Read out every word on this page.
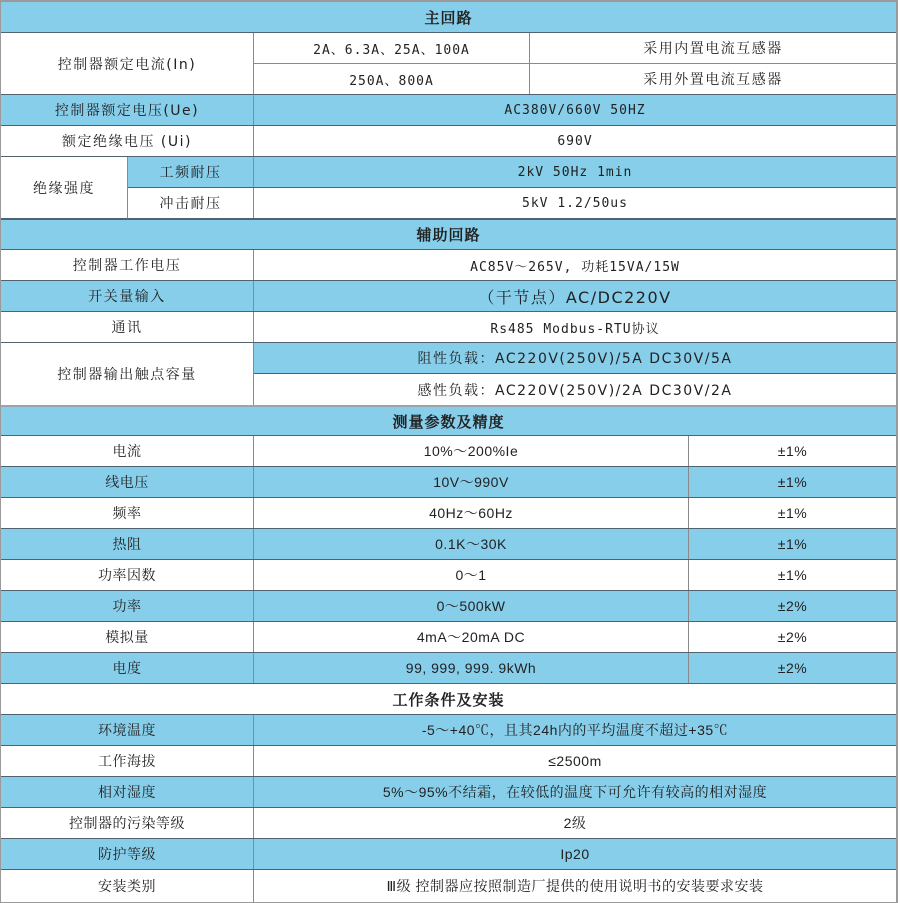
主回路
控制器额定电流(In)
2A、6.3A、25A、100A	采用内置电流互感器
250A、800A	采用外置电流互感器
控制器额定电压(Ue)	AC380V/660V 50HZ
额定绝缘电压 (Ui)	690V
绝缘强度
工频耐压	2kV 50Hz 1min
冲击耐压	5kV 1.2/50us
辅助回路
控制器工作电压	AC85V～265V, 功耗15VA/15W
开关量输入	（干节点）AC/DC220V
通讯	Rs485 Modbus-RTU协议
控制器输出触点容量
阻性负载：AC220V(250V)/5A DC30V/5A
感性负载：AC220V(250V)/2A DC30V/2A
测量参数及精度
电流	10%～200%Ie	±1%
线电压	10V～990V	±1%
频率	40Hz～60Hz	±1%
热阻	0.1K～30K	±1%
功率因数	0～1	±1%
功率	0～500kW	±2%
模拟量	4mA～20mA DC	±2%
电度	99, 999, 999. 9kWh	±2%
工作条件及安装
环境温度	-5～+40℃，且其24h内的平均温度不超过+35℃
工作海拔	≤2500m
相对湿度	5%～95%不结霜，在较低的温度下可允许有较高的相对湿度
控制器的污染等级	2级
防护等级	Ip20
安装类别	Ⅲ级 控制器应按照制造厂提供的使用说明书的安装要求安装
